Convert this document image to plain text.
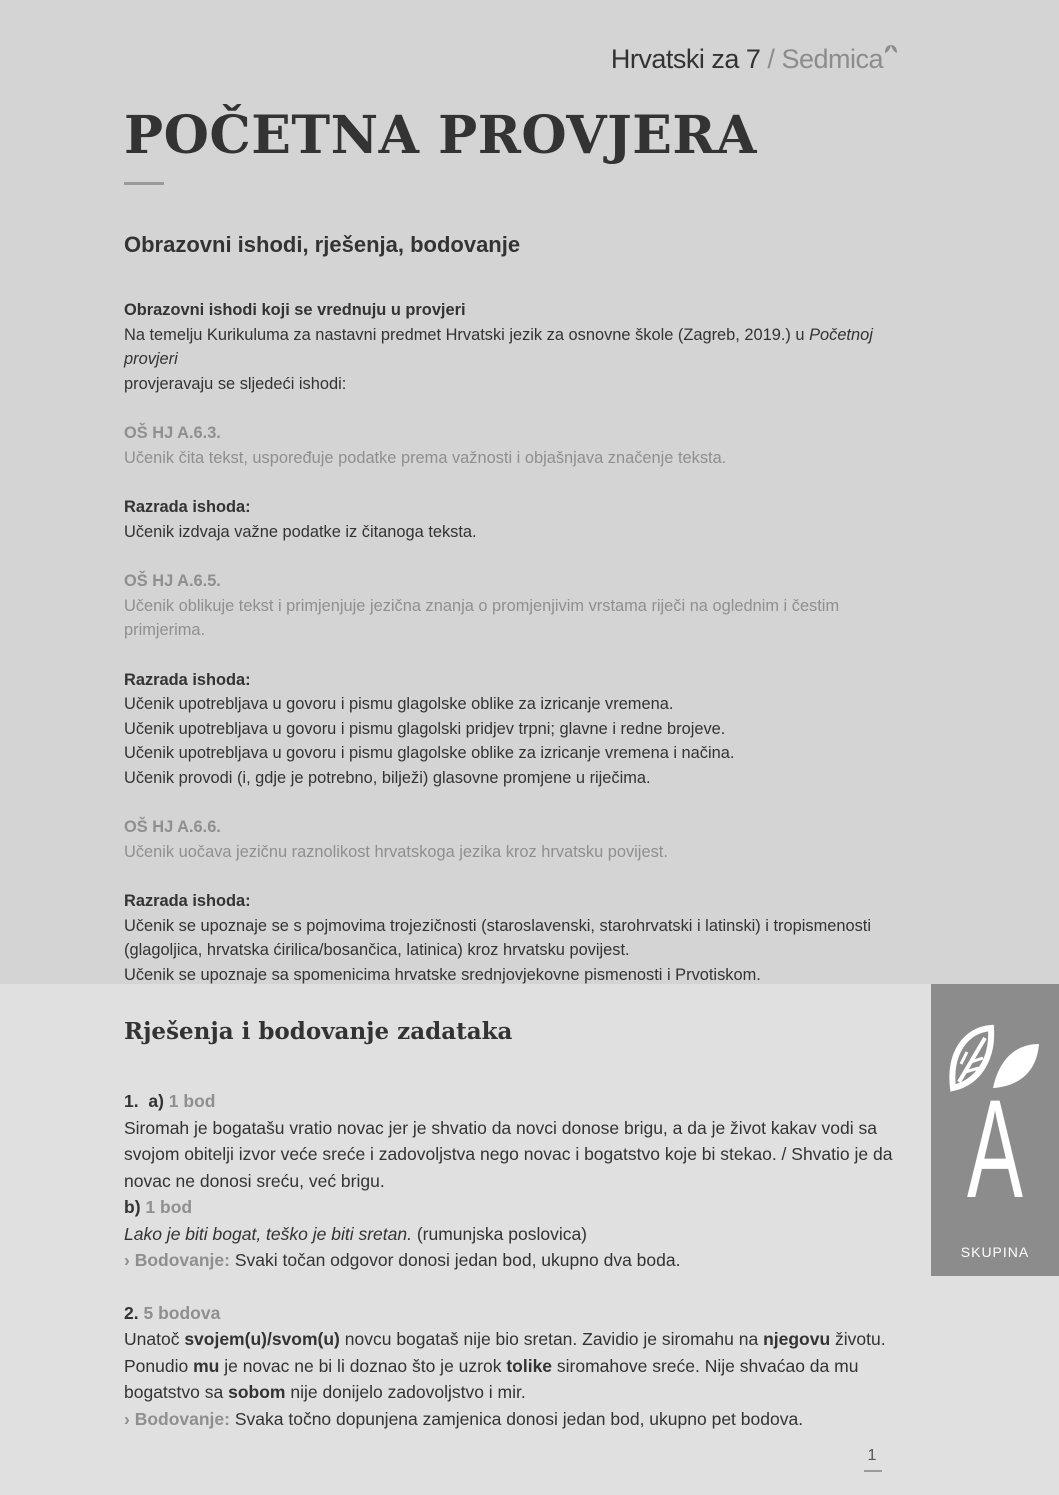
Hrvatski za 7 / Sedmica
POČETNA PROVJERA
Obrazovni ishodi, rješenja, bodovanje

Obrazovni ishodi koji se vrednuju u provjeri

Na temelju Kurikuluma za nastavni predmet Hrvatski jezik za osnovne škole (Zagreb, 2019.) u Početnoj provjeri
provjeravaju se sljedeći ishodi:

OŠ HJ A.6.3.

Učenik čita tekst, uspoređuje podatke prema važnosti i objašnjava značenje teksta.

Razrada ishoda:

Učenik izdvaja važne podatke iz čitanoga teksta.

OŠ HJ A.6.5.

Učenik oblikuje tekst i primjenjuje jezična znanja o promjenjivim vrstama riječi na oglednim i čestim primjerima.

Razrada ishoda:

Učenik upotrebljava u govoru i pismu glagolske oblike za izricanje vremena.

Učenik upotrebljava u govoru i pismu glagolski pridjev trpni; glavne i redne brojeve.

Učenik upotrebljava u govoru i pismu glagolske oblike za izricanje vremena i načina.

Učenik provodi (i, gdje je potrebno, bilježi) glasovne promjene u riječima.

OŠ HJ A.6.6.

Učenik uočava jezičnu raznolikost hrvatskoga jezika kroz hrvatsku povijest.

Razrada ishoda:

Učenik se upoznaje se s pojmovima trojezičnosti (staroslavenski, starohrvatski i latinski) i tropismenosti

(glagoljica, hrvatska ćirilica/bosančica, latinica) kroz hrvatsku povijest.

Učenik se upoznaje sa spomenicima hrvatske srednjovjekovne pismenosti i Prvotiskom.

Rješenja i bodovanje zadataka

1. a) 1 bod

Siromah je bogatašu vratio novac jer je shvatio da novci donose brigu, a da je život kakav vodi sa svojom obitelji izvor veće sreće i zadovoljstva nego novac i bogatstvo koje bi stekao. / Shvatio je da novac ne donosi sreću, već brigu.

b) 1 bod

Lako je biti bogat, teško je biti sretan. (rumunjska poslovica)

› Bodovanje: Svaki točan odgovor donosi jedan bod, ukupno dva boda.

2. 5 bodova

Unatoč svojem(u)/svom(u) novcu bogataš nije bio sretan. Zavidio je siromahu na njegovu životu. Ponudio mu je novac ne bi li doznao što je uzrok tolike siromahove sreće. Nije shvaćao da mu bogatstvo sa sobom nije donijelo zadovoljstvo i mir.

› Bodovanje: Svaka točno dopunjena zamjenica donosi jedan bod, ukupno pet bodova.

A
SKUPINA
1
